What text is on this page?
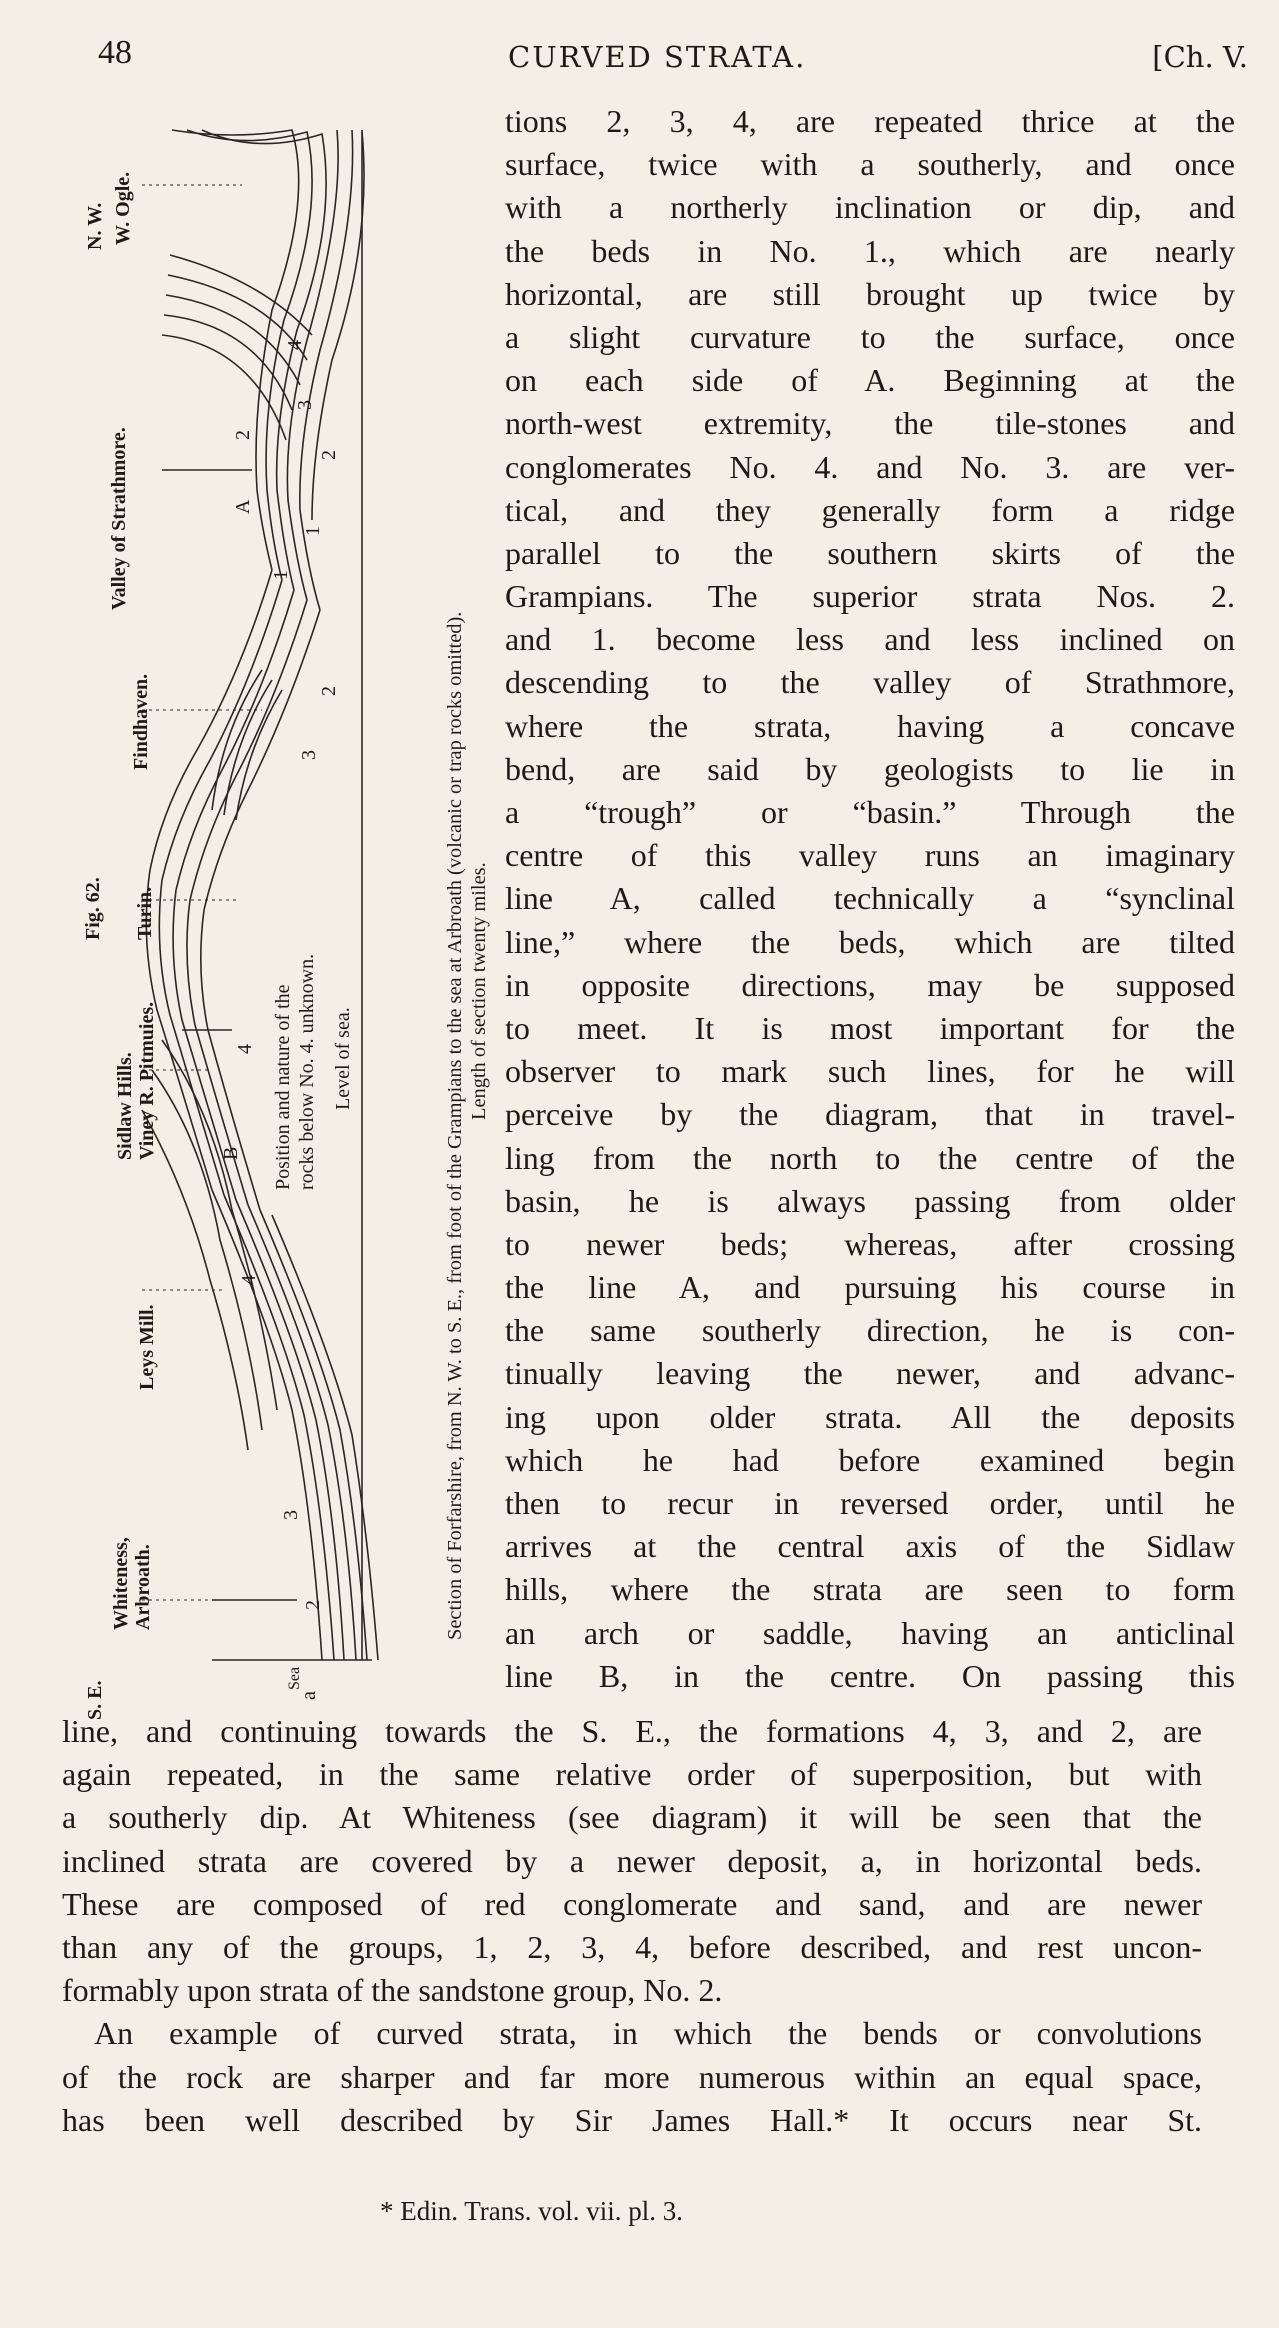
48	CURVED STRATA.	[Ch. V.
4
3
2
1
2
A
1
2
3
4
B
4
3
2
a
N. W.
S. E.
W. Ogle.
Valley of Strathmore.
Findhaven.
Fig. 62. Turin.
Sidlaw Hills. Viney R. Pitmuies.
Leys Mill.
Whiteness, Arbroath.
Sea
Position and nature of the rocks below No. 4. unknown. Level of sea.	Section of Forfarshire, from N. W. to S. E., from foot of the Grampians to the sea at Arbroath (volcanic or trap rocks omitted). Length of section twenty miles.
tions 2, 3, 4, are repeated thrice at the
surface, twice with a southerly, and once
with a northerly inclination or dip, and
the beds in No. 1., which are nearly
horizontal, are still brought up twice by
a slight curvature to the surface, once
on each side of A. Beginning at the
north-west extremity, the tile-stones and
conglomerates No. 4. and No. 3. are ver-
tical, and they generally form a ridge
parallel to the southern skirts of the
Grampians. The superior strata Nos. 2.
and 1. become less and less inclined on
descending to the valley of Strathmore,
where the strata, having a concave
bend, are said by geologists to lie in
a “trough” or “basin.” Through the
centre of this valley runs an imaginary
line A, called technically a “synclinal
line,” where the beds, which are tilted
in opposite directions, may be supposed
to meet. It is most important for the
observer to mark such lines, for he will
perceive by the diagram, that in travel-
ling from the north to the centre of the
basin, he is always passing from older
to newer beds; whereas, after crossing
the line A, and pursuing his course in
the same southerly direction, he is con-
tinually leaving the newer, and advanc-
ing upon older strata. All the deposits
which he had before examined begin
then to recur in reversed order, until he
arrives at the central axis of the Sidlaw
hills, where the strata are seen to form
an arch or saddle, having an anticlinal
line B, in the centre. On passing this
line, and continuing towards the S. E., the formations 4, 3, and 2, are
again repeated, in the same relative order of superposition, but with
a southerly dip. At Whiteness (see diagram) it will be seen that the
inclined strata are covered by a newer deposit, a, in horizontal beds.
These are composed of red conglomerate and sand, and are newer
than any of the groups, 1, 2, 3, 4, before described, and rest uncon-
formably upon strata of the sandstone group, No. 2.
An example of curved strata, in which the bends or convolutions
of the rock are sharper and far more numerous within an equal space,
has been well described by Sir James Hall.* It occurs near St.
* Edin. Trans. vol. vii. pl. 3.
